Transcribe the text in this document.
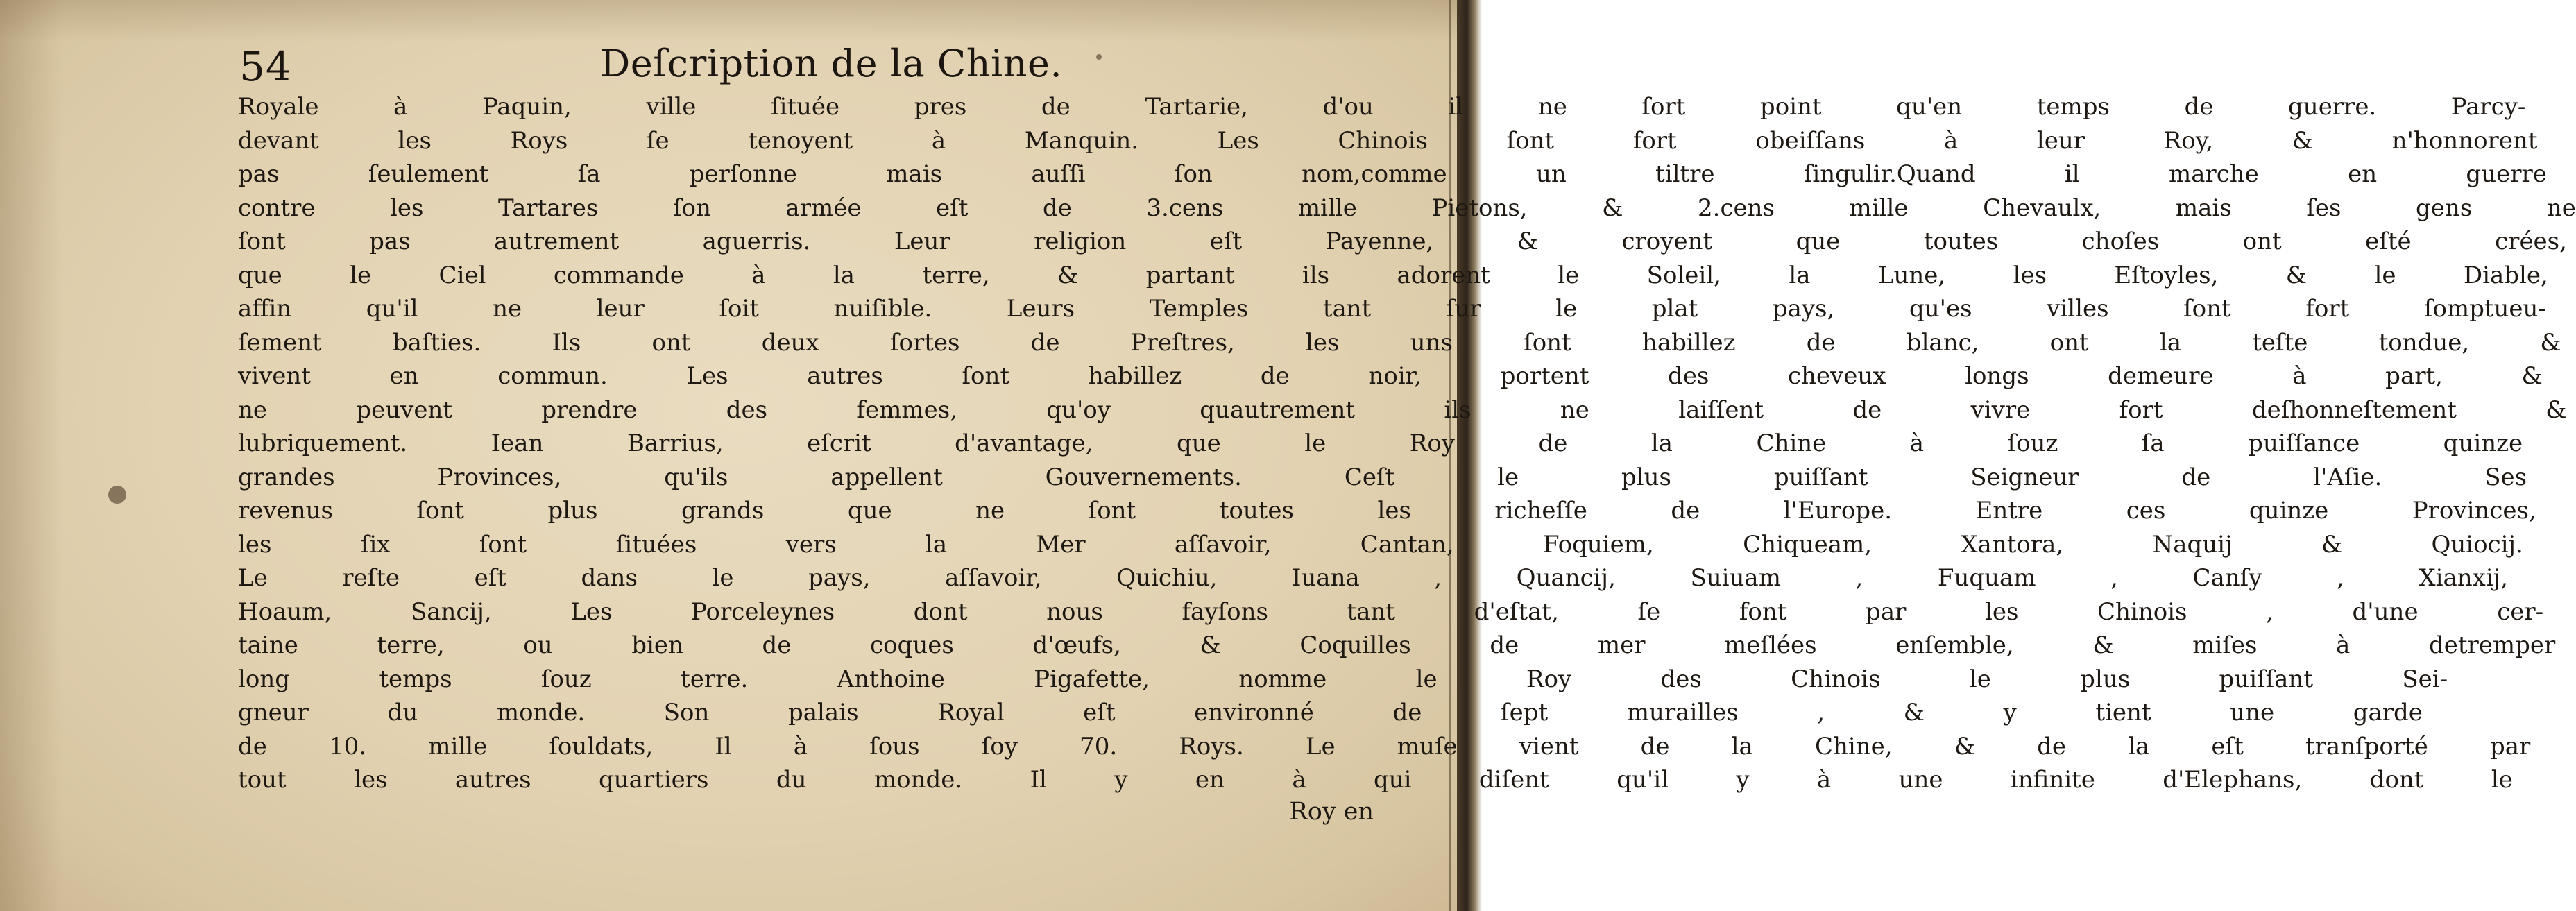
54	Deſcription de la Chine.
Royale à Paquin, ville ſituée pres de Tartarie, d'ou il ne ſort point qu'en temps de guerre. Parcy-
devant les Roys ſe tenoyent à Manquin. Les Chinois ſont fort obeiſſans à leur Roy, & n'honnorent
pas ſeulement ſa perſonne mais auſſi ſon nom,comme un tiltre ſingulir.Quand il marche en guerre
contre les Tartares ſon armée eſt de 3.cens mille Pietons, & 2.cens mille Chevaulx, mais ſes gens ne
ſont pas autrement aguerris. Leur religion eſt Payenne, & croyent que toutes choſes ont eſté crées,
que le Ciel commande à la terre, & partant ils adorent le Soleil, la Lune, les Eſtoyles, & le Diable,
affin qu'il ne leur ſoit nuiſible. Leurs Temples tant ſur le plat pays, qu'es villes ſont fort ſomptueu-
ſement baſties. Ils ont deux ſortes de Preſtres, les uns ſont habillez de blanc, ont la teſte tondue, &
vivent en commun. Les autres ſont habillez de noir, portent des cheveux longs demeure à part, &
ne peuvent prendre des femmes, qu'oy quautrement ils ne laiſſent de vivre fort deſhonneſtement &
lubriquement. Iean Barrius, eſcrit d'avantage, que le Roy de la Chine à ſouz ſa puiſſance quinze
grandes Provinces, qu'ils appellent Gouvernements. Ceſt le plus puiſſant Seigneur de l'Aſie. Ses
revenus ſont plus grands que ne ſont toutes les richeſſe de l'Europe. Entre ces quinze Provinces,
les ſix ſont ſituées vers la Mer aſſavoir, Cantan, Foquiem, Chiqueam, Xantora, Naquij & Quiocij.
Le reſte eſt dans le pays, aſſavoir, Quichiu, Iuana , Quancij, Suiuam , Fuquam , Canſy , Xianxij,
Hoaum, Sancij, Les Porceleynes dont nous fayſons tant d'eſtat, ſe font par les Chinois , d'une cer-
taine terre, ou bien de coques d'œufs, & Coquilles de mer meſlées enſemble, & miſes à detremper
long temps ſouz terre. Anthoine Pigafette, nomme le Roy des Chinois le plus puiſſant Sei-
gneur du monde. Son palais Royal eſt environné de ſept murailles , & y tient une garde
de 10. mille ſouldats, Il à ſous ſoy 70. Roys. Le muſe vient de la Chine, & de la eſt tranſporté par
tout les autres quartiers du monde. Il y en à qui diſent qu'il y à une infinite d'Elephans, dont le
Roy en
